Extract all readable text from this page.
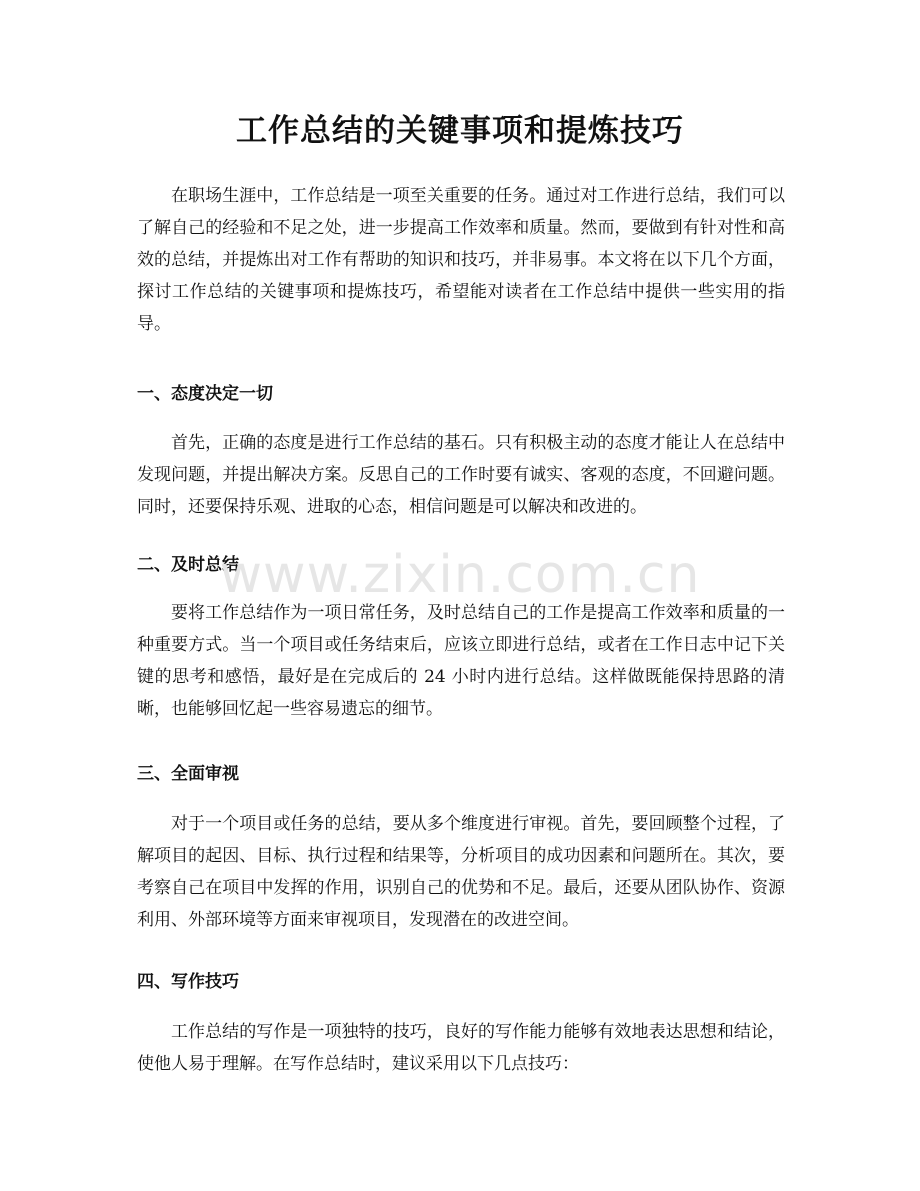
工作总结的关键事项和提炼技巧

在职场生涯中，工作总结是一项至关重要的任务。通过对工作进行总结，我们可以了解自己的经验和不足之处，进一步提高工作效率和质量。然而，要做到有针对性和高效的总结，并提炼出对工作有帮助的知识和技巧，并非易事。本文将在以下几个方面，探讨工作总结的关键事项和提炼技巧，希望能对读者在工作总结中提供一些实用的指导。

一、态度决定一切

首先，正确的态度是进行工作总结的基石。只有积极主动的态度才能让人在总结中发现问题，并提出解决方案。反思自己的工作时要有诚实、客观的态度，不回避问题。同时，还要保持乐观、进取的心态，相信问题是可以解决和改进的。

二、及时总结

要将工作总结作为一项日常任务，及时总结自己的工作是提高工作效率和质量的一种重要方式。当一个项目或任务结束后，应该立即进行总结，或者在工作日志中记下关键的思考和感悟，最好是在完成后的 24 小时内进行总结。这样做既能保持思路的清晰，也能够回忆起一些容易遗忘的细节。

三、全面审视

对于一个项目或任务的总结，要从多个维度进行审视。首先，要回顾整个过程，了解项目的起因、目标、执行过程和结果等，分析项目的成功因素和问题所在。其次，要考察自己在项目中发挥的作用，识别自己的优势和不足。最后，还要从团队协作、资源利用、外部环境等方面来审视项目，发现潜在的改进空间。

四、写作技巧

工作总结的写作是一项独特的技巧，良好的写作能力能够有效地表达思想和结论，使他人易于理解。在写作总结时，建议采用以下几点技巧：

www.zixin.com.cn
